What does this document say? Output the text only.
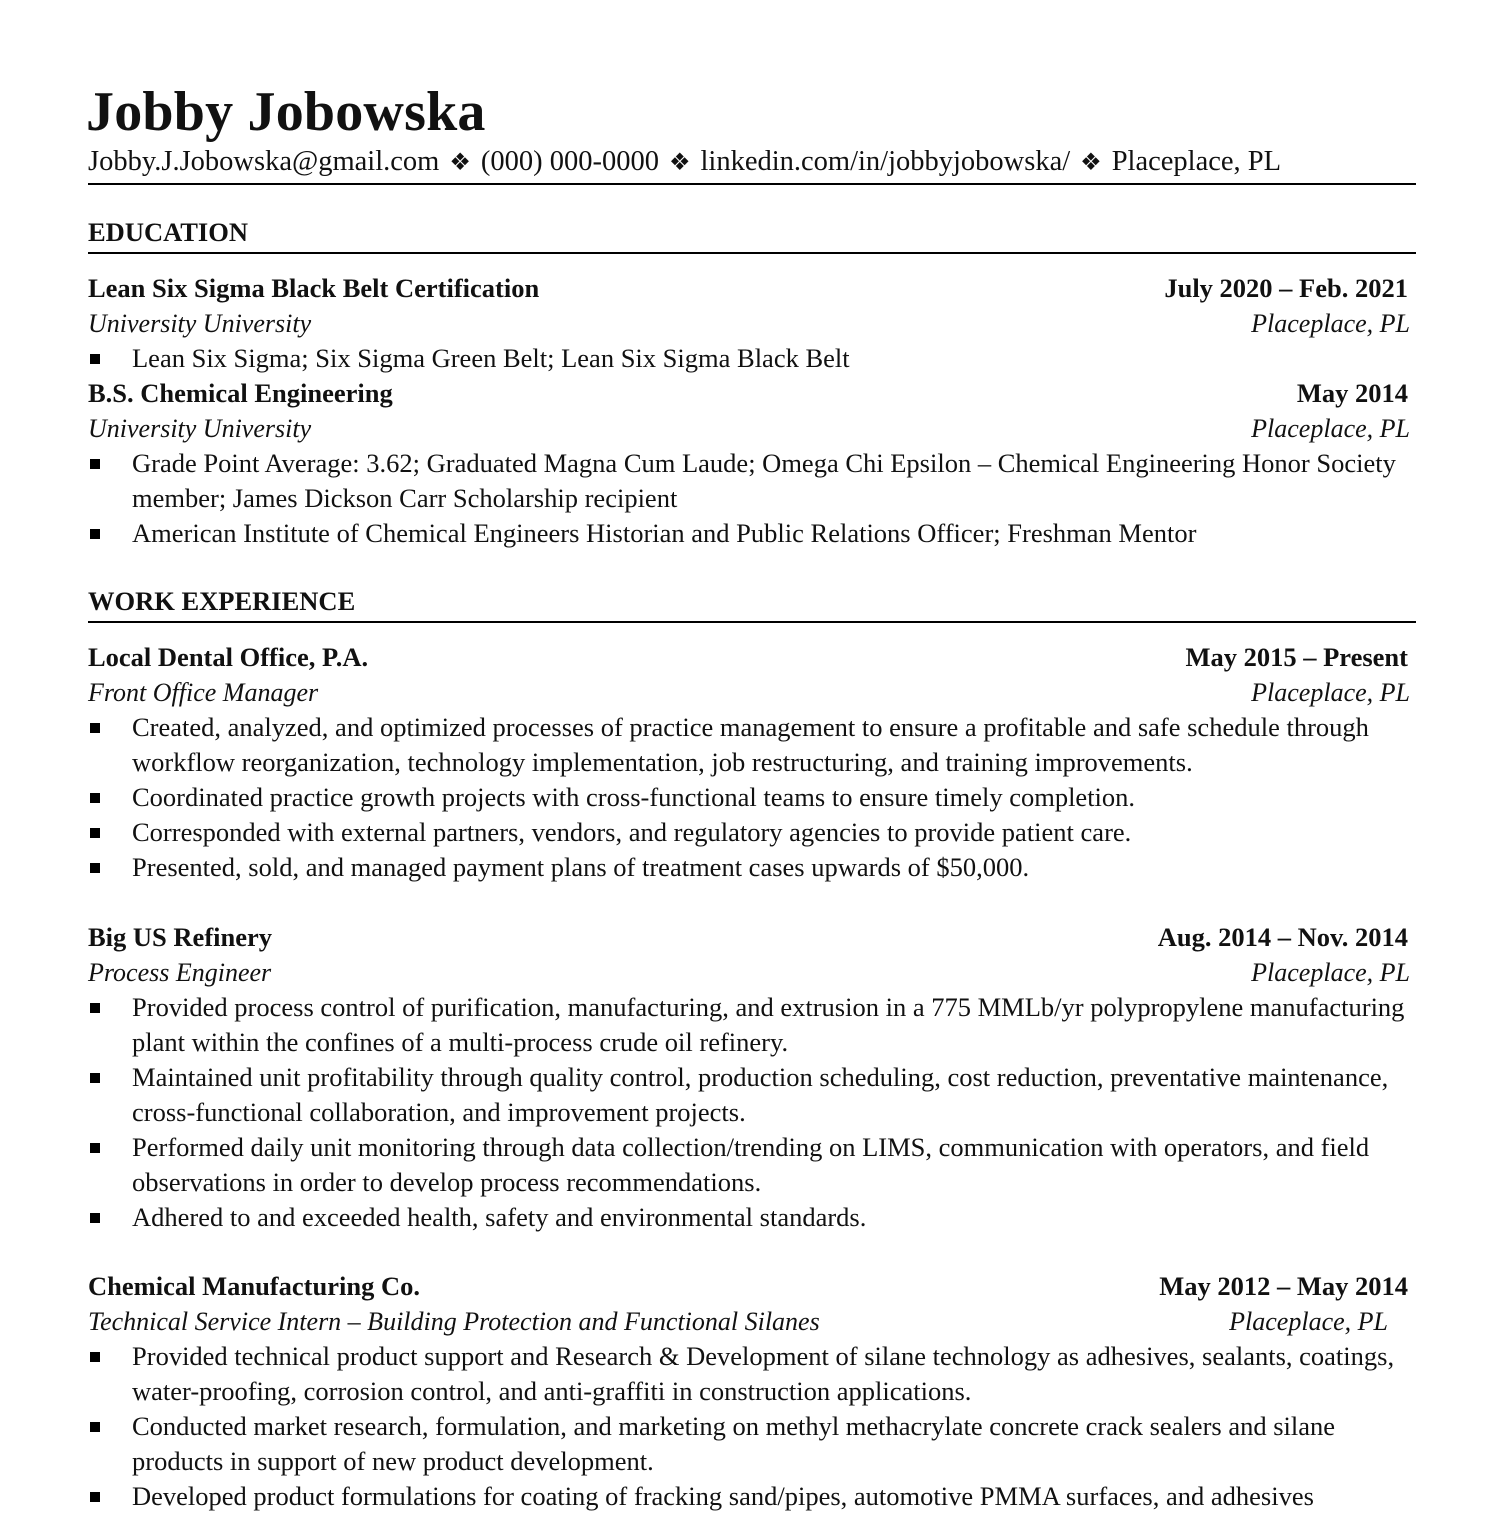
Jobby Jobowska
Jobby.J.Jobowska@gmail.com ❖ (000) 000-0000 ❖ linkedin.com/in/jobbyjobowska/ ❖ Placeplace, PL
EDUCATION
Lean Six Sigma Black Belt Certification	July 2020 – Feb. 2021
University University	Placeplace, PL
Lean Six Sigma; Six Sigma Green Belt; Lean Six Sigma Black Belt
B.S. Chemical Engineering	May 2014
University University	Placeplace, PL
Grade Point Average: 3.62; Graduated Magna Cum Laude; Omega Chi Epsilon – Chemical Engineering Honor Society member; James Dickson Carr Scholarship recipient
American Institute of Chemical Engineers Historian and Public Relations Officer; Freshman Mentor
WORK EXPERIENCE
Local Dental Office, P.A.	May 2015 – Present
Front Office Manager	Placeplace, PL
Created, analyzed, and optimized processes of practice management to ensure a profitable and safe schedule through workflow reorganization, technology implementation, job restructuring, and training improvements.
Coordinated practice growth projects with cross-functional teams to ensure timely completion.
Corresponded with external partners, vendors, and regulatory agencies to provide patient care.
Presented, sold, and managed payment plans of treatment cases upwards of $50,000.
Big US Refinery	Aug. 2014 – Nov. 2014
Process Engineer	Placeplace, PL
Provided process control of purification, manufacturing, and extrusion in a 775 MMLb/yr polypropylene manufacturing plant within the confines of a multi-process crude oil refinery.
Maintained unit profitability through quality control, production scheduling, cost reduction, preventative maintenance, cross-functional collaboration, and improvement projects.
Performed daily unit monitoring through data collection/trending on LIMS, communication with operators, and field observations in order to develop process recommendations.
Adhered to and exceeded health, safety and environmental standards.
Chemical Manufacturing Co.	May 2012 – May 2014
Technical Service Intern – Building Protection and Functional Silanes	Placeplace, PL
Provided technical product support and Research & Development of silane technology as adhesives, sealants, coatings, water-proofing, corrosion control, and anti-graffiti in construction applications.
Conducted market research, formulation, and marketing on methyl methacrylate concrete crack sealers and silane products in support of new product development.
Developed product formulations for coating of fracking sand/pipes, automotive PMMA surfaces, and adhesives
